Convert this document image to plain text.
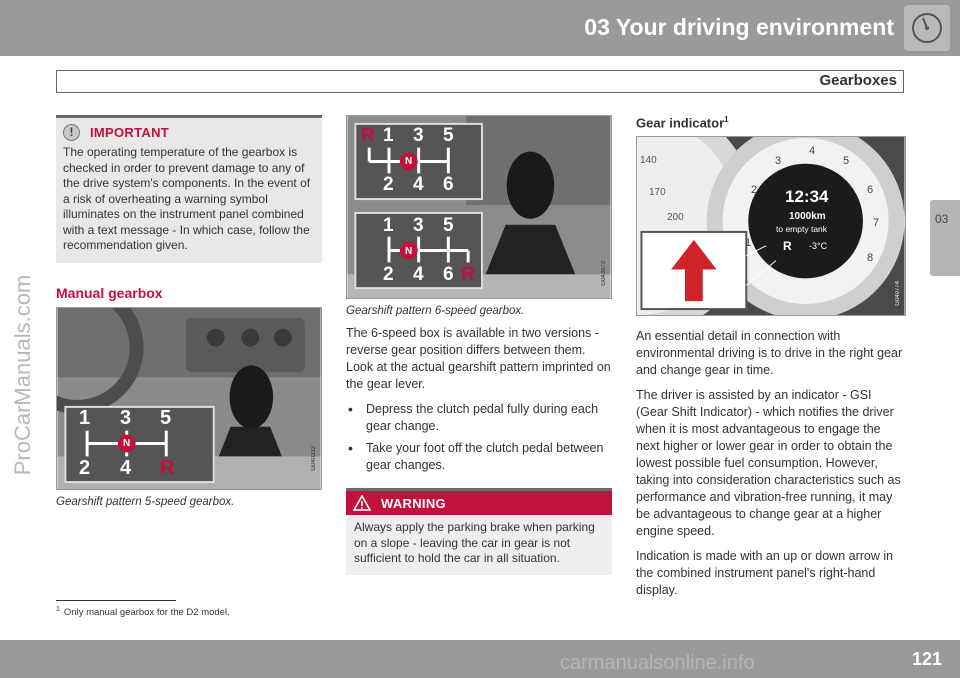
03 Your driving environment
Gearboxes
03
ProCarManuals.com
!	IMPORTANT
The operating temperature of the gearbox is checked in order to prevent damage to any of the drive system's components. In the event of a risk of overheating a warning symbol illuminates on the instrument panel combined with a text message - In which case, follow the recommendation given.
Manual gearbox
1 3 5
2 4 R
N
G040332
Gearshift pattern 5-speed gearbox.
R 1 3 5
2 4 6
N
1 3 5
2 4 6 R
N
G043973
Gearshift pattern 6-speed gearbox.
The 6-speed box is available in two versions - reverse gear position differs between them. Look at the actual gearshift pattern imprinted on the gear lever.
•	Depress the clutch pedal fully during each gear change.
•	Take your foot off the clutch pedal between gear changes.
WARNING
Always apply the parking brake when parking on a slope - leaving the car in gear is not sufficient to hold the car in all situation.
Gear indicator$^1$
140
170
200
1
2
3
4
5
6
7
8
12:34
1000km
to empty tank
R -3°C
G040774
An essential detail in connection with environmental driving is to drive in the right gear and change gear in time.
The driver is assisted by an indicator - GSI (Gear Shift Indicator) - which notifies the driver when it is most advantageous to engage the next higher or lower gear in order to obtain the lowest possible fuel consumption. However, taking into consideration characteristics such as performance and vibration-free running, it may be advantageous to change gear at a higher engine speed.
Indication is made with an up or down arrow in the combined instrument panel's right-hand display.
$^1$ Only manual gearbox for the D2 model.
carmanualsonline.info	121
